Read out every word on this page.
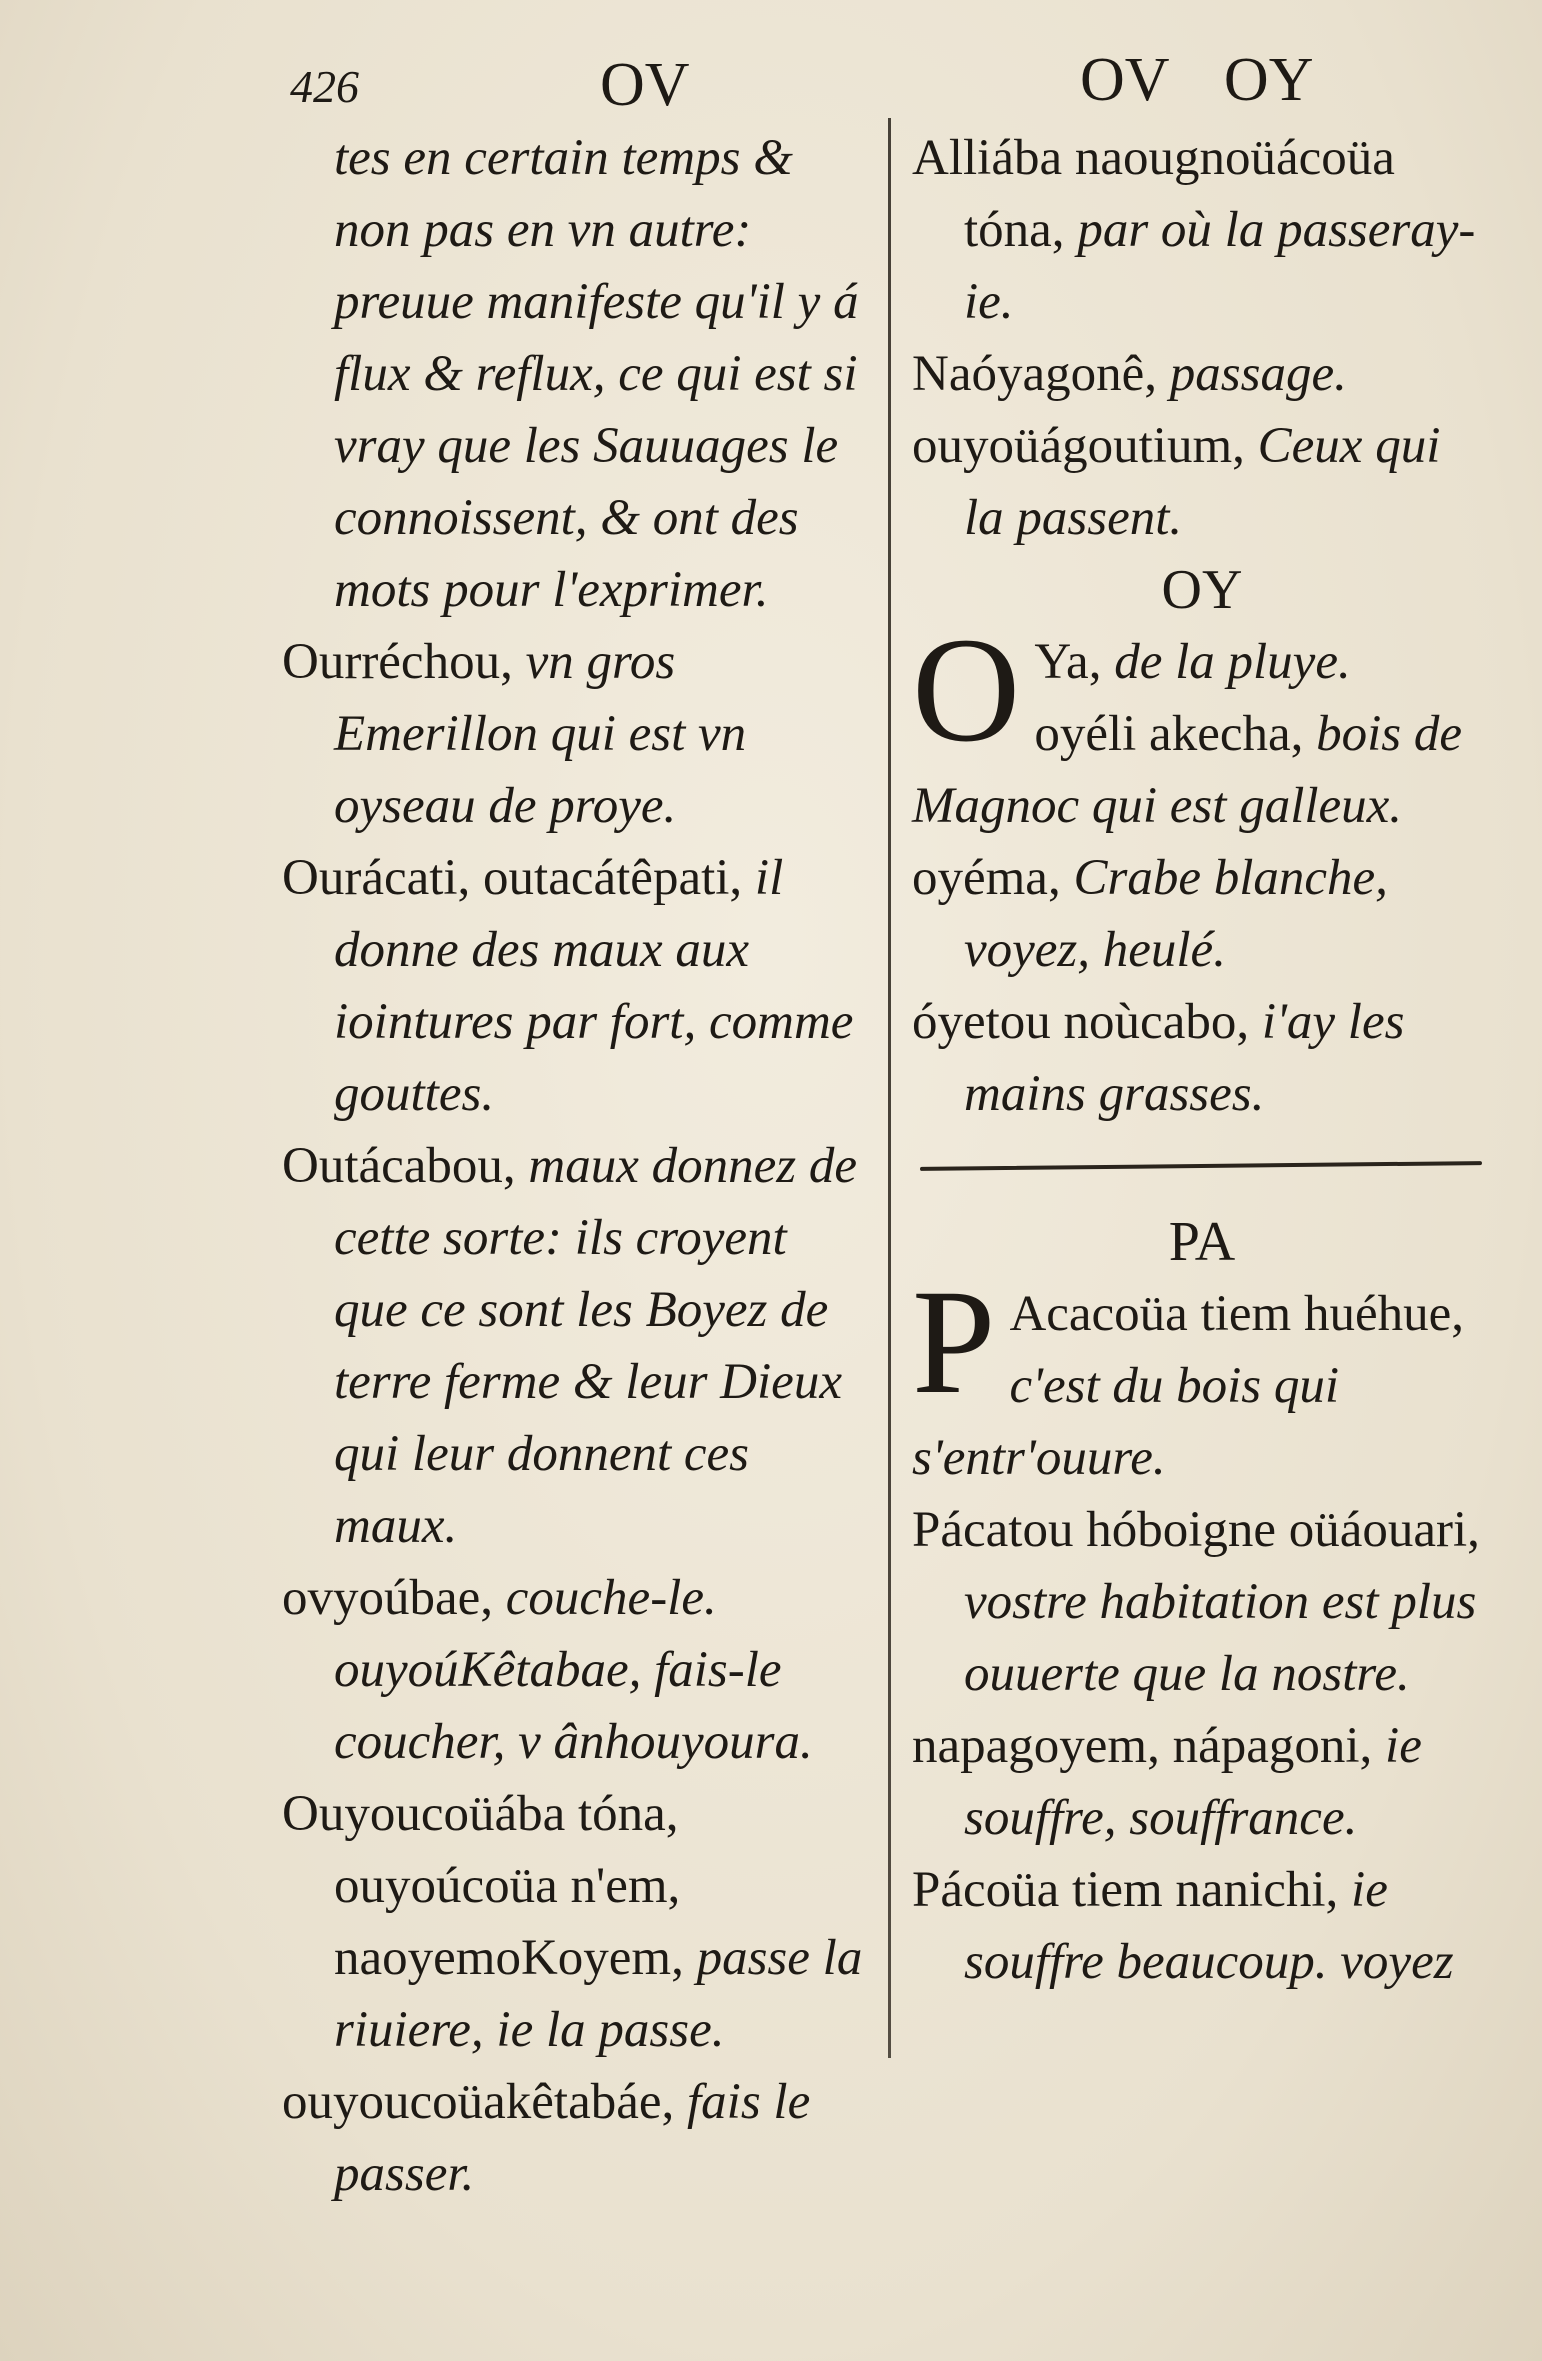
426	OV	OV OY

tes en certain temps & non pas en vn autre: preuue manifeste qu'il y á flux & reflux, ce qui est si vray que les Sauuages le connoissent, & ont des mots pour l'exprimer.

Ourréchou, vn gros Emerillon qui est vn oyseau de proye.

Ourácati, outacátêpati, il donne des maux aux iointures par fort, comme gouttes.

Outácabou, maux donnez de cette sorte: ils croyent que ce sont les Boyez de terre ferme & leur Dieux qui leur donnent ces maux.

ovyoúbae, couche-le. ouyoúKêtabae, fais-le coucher, v ânhouyoura.

Ouyoucoüába tóna, ouyoúcoüa n'em, naoyemoKoyem, passe la riuiere, ie la passe.

ouyoucoüakêtabáe, fais le passer.

Alliába naougnoüácoüa tóna, par où la passeray-ie.

Naóyagonê, passage.

ouyoüágoutium, Ceux qui la passent.

OY

O Ya, de la pluye.

oyéli akecha, bois de Magnoc qui est galleux.

oyéma, Crabe blanche, voyez, heulé.

óyetou noùcabo, i'ay les mains grasses.

PA

P Acacoüa tiem huéhue, c'est du bois qui s'entr'ouure.

Pácatou hóboigne oüáouari, vostre habitation est plus ouuerte que la nostre.

napagoyem, nápagoni, ie souffre, souffrance.

Pácoüa tiem nanichi, ie souffre beaucoup. voyez
